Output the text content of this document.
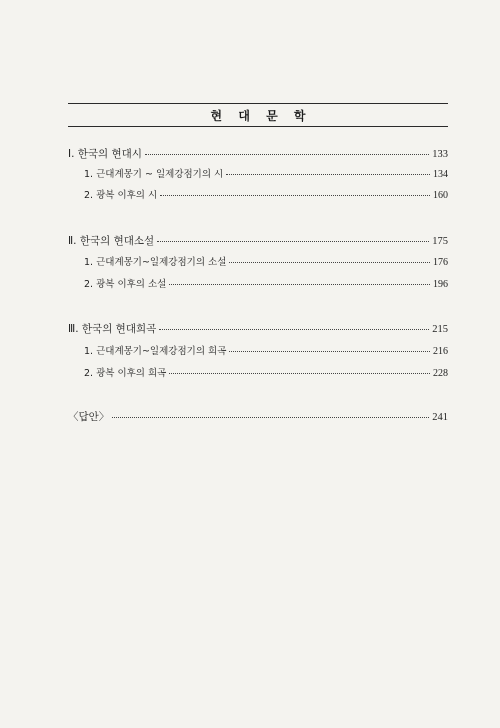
현 대 문 학
Ⅰ. 한국의 현대시	133
1. 근대계몽기 ~ 일제강점기의 시	134
2. 광복 이후의 시	160
Ⅱ. 한국의 현대소설	175
1. 근대계몽기~일제강점기의 소설	176
2. 광복 이후의 소설	196
Ⅲ. 한국의 현대희곡	215
1. 근대계몽기~일제강점기의 희곡	216
2. 광복 이후의 희곡	228
〈답안〉	241
